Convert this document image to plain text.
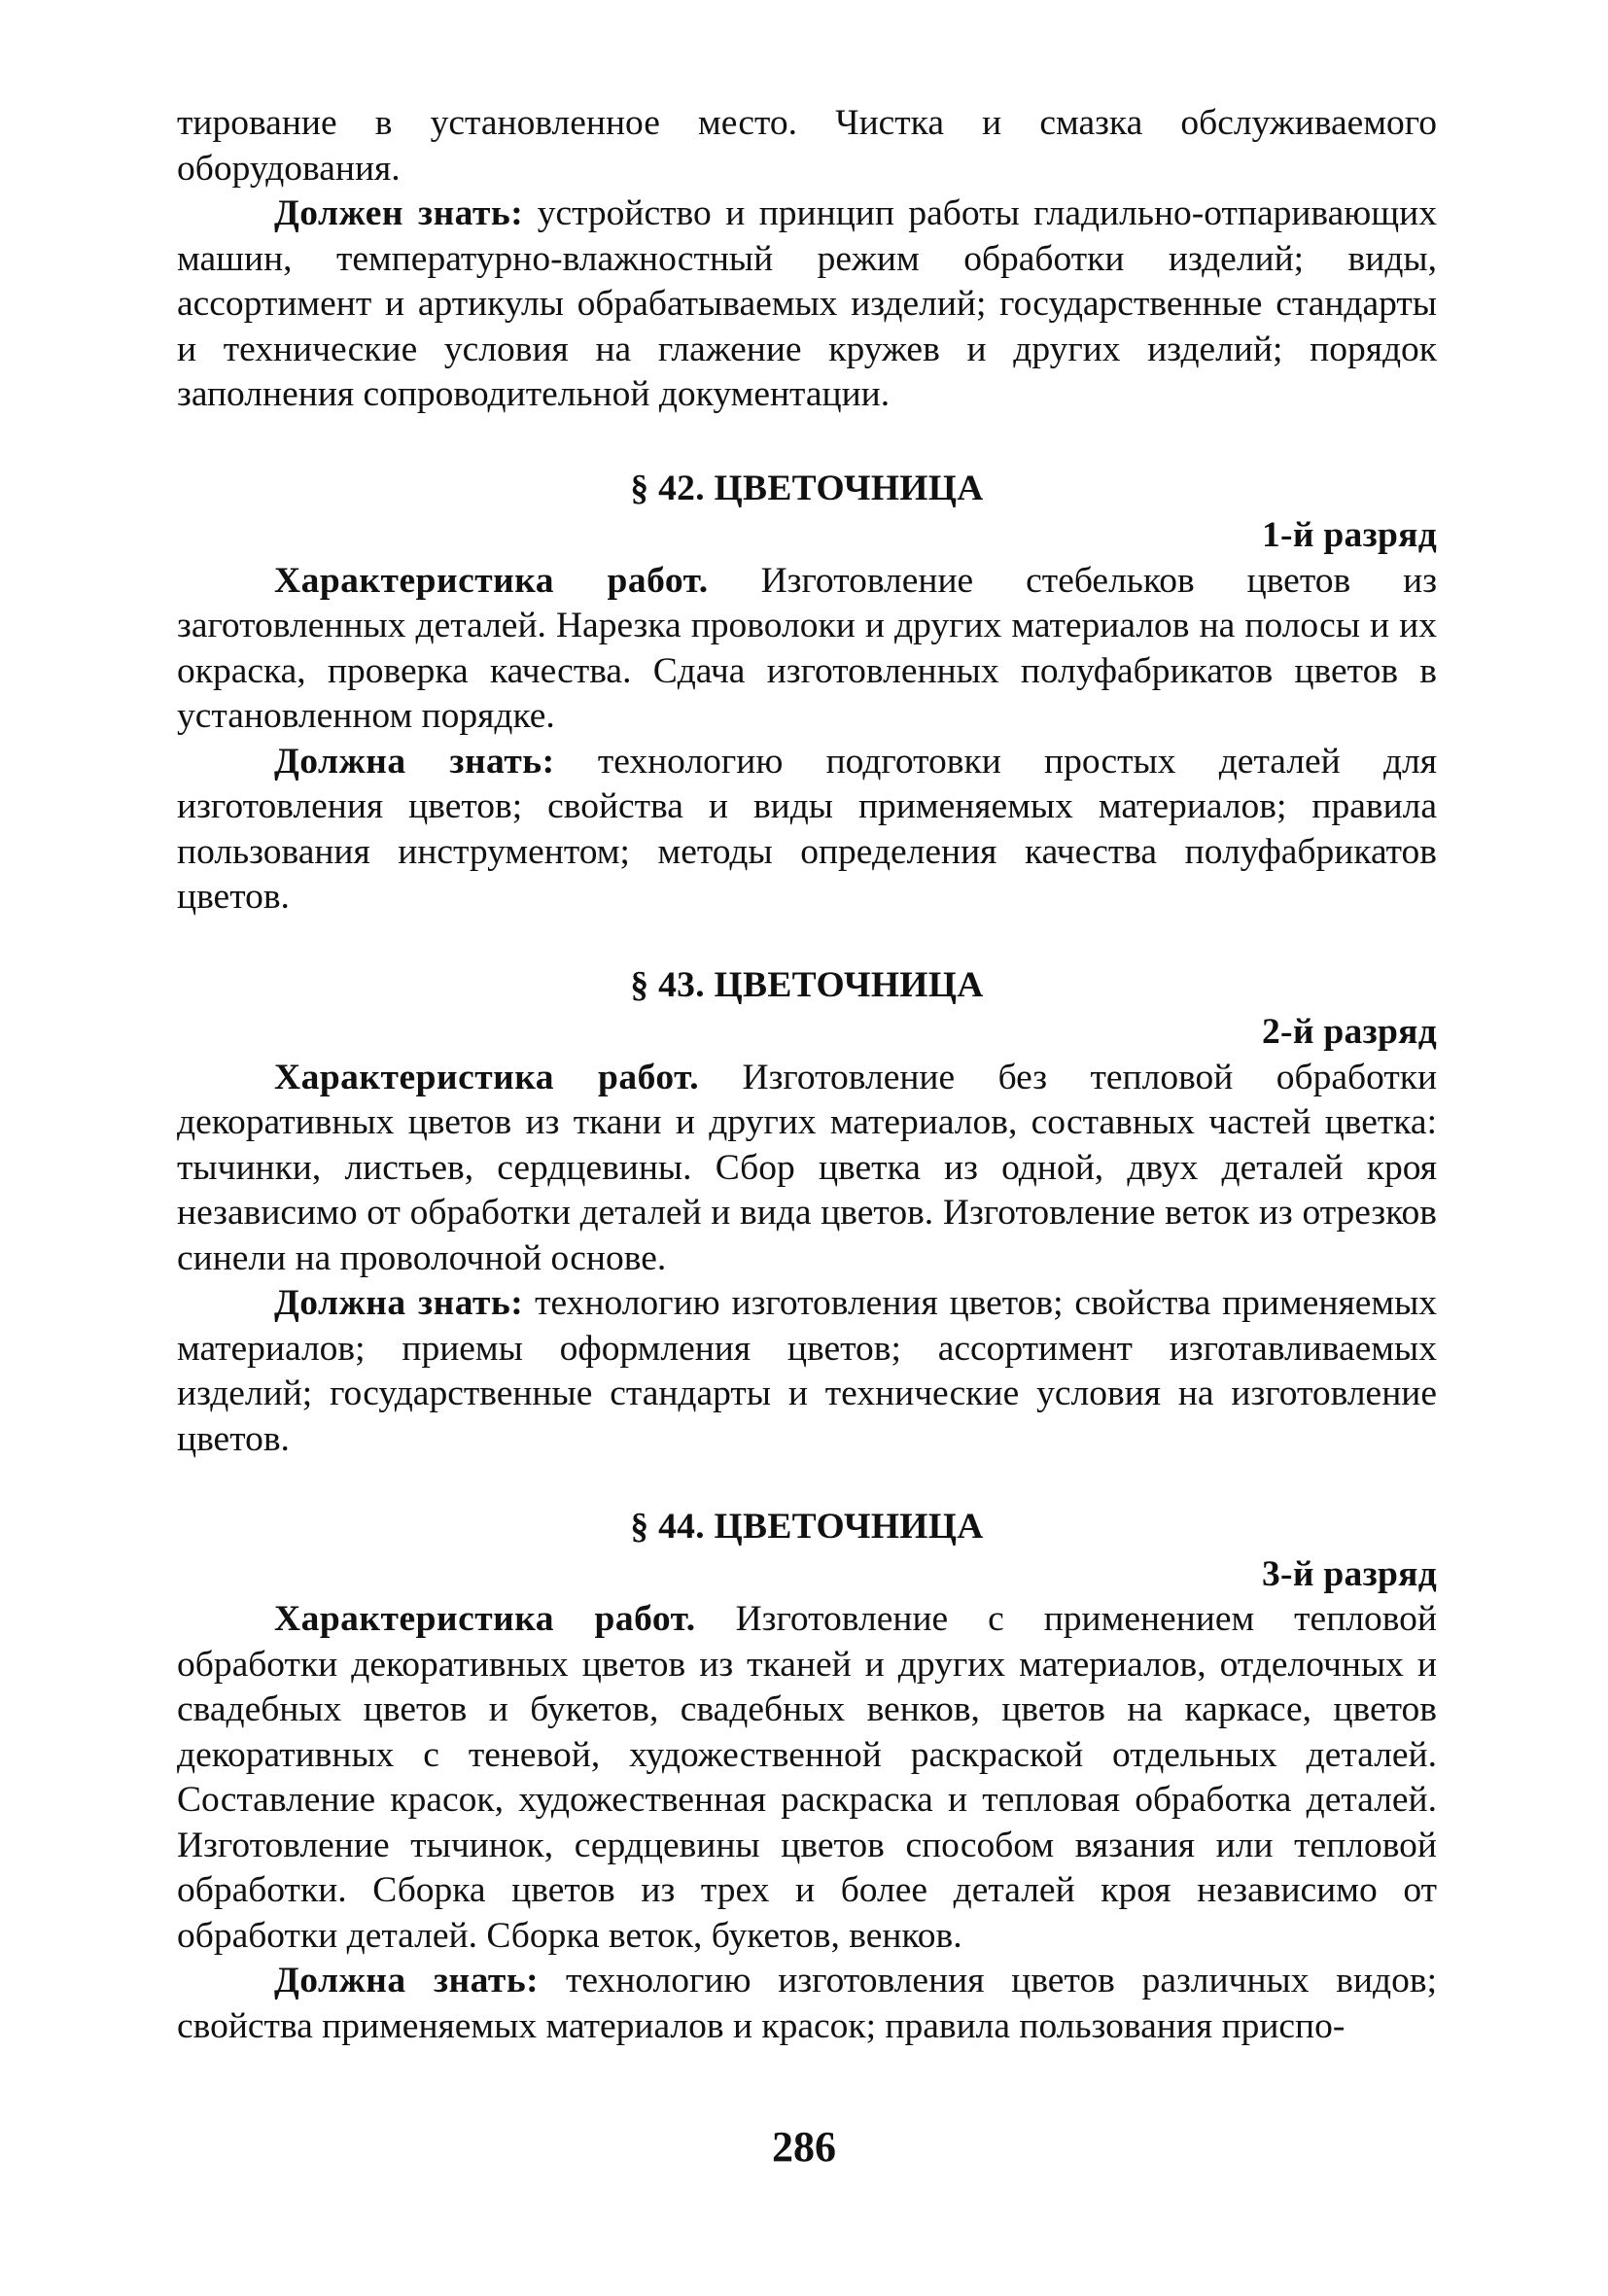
тирование в установленное место. Чистка и смазка обслуживаемого оборудования.

Должен знать: устройство и принцип работы гладильно-отпаривающих машин, температурно-влажностный режим обработки изделий; виды, ассортимент и артикулы обрабатываемых изделий; государственные стандарты и технические условия на глажение кружев и других изделий; порядок заполнения сопроводительной документации.

§ 42. ЦВЕТОЧНИЦА

1-й разряд

Характеристика работ. Изготовление стебельков цветов из заготовленных деталей. Нарезка проволоки и других материалов на полосы и их окраска, проверка качества. Сдача изготовленных полуфабрикатов цветов в установленном порядке.

Должна знать: технологию подготовки простых деталей для изготовления цветов; свойства и виды применяемых материалов; правила пользования инструментом; методы определения качества полуфабрикатов цветов.

§ 43. ЦВЕТОЧНИЦА

2-й разряд

Характеристика работ. Изготовление без тепловой обработки декоративных цветов из ткани и других материалов, составных частей цветка: тычинки, листьев, сердцевины. Сбор цветка из одной, двух деталей кроя независимо от обработки деталей и вида цветов. Изготовление веток из отрезков синели на проволочной основе.

Должна знать: технологию изготовления цветов; свойства применяемых материалов; приемы оформления цветов; ассортимент изготавливаемых изделий; государственные стандарты и технические условия на изготовление цветов.

§ 44. ЦВЕТОЧНИЦА

3-й разряд

Характеристика работ. Изготовление с применением тепловой обработки декоративных цветов из тканей и других материалов, отделочных и свадебных цветов и букетов, свадебных венков, цветов на каркасе, цветов декоративных с теневой, художественной раскраской отдельных деталей. Составление красок, художественная раскраска и тепловая обработка деталей. Изготовление тычинок, сердцевины цветов способом вязания или тепловой обработки. Сборка цветов из трех и более деталей кроя независимо от обработки деталей. Сборка веток, букетов, венков.

Должна знать: технологию изготовления цветов различных видов; свойства применяемых материалов и красок; правила пользования приспо-

286
